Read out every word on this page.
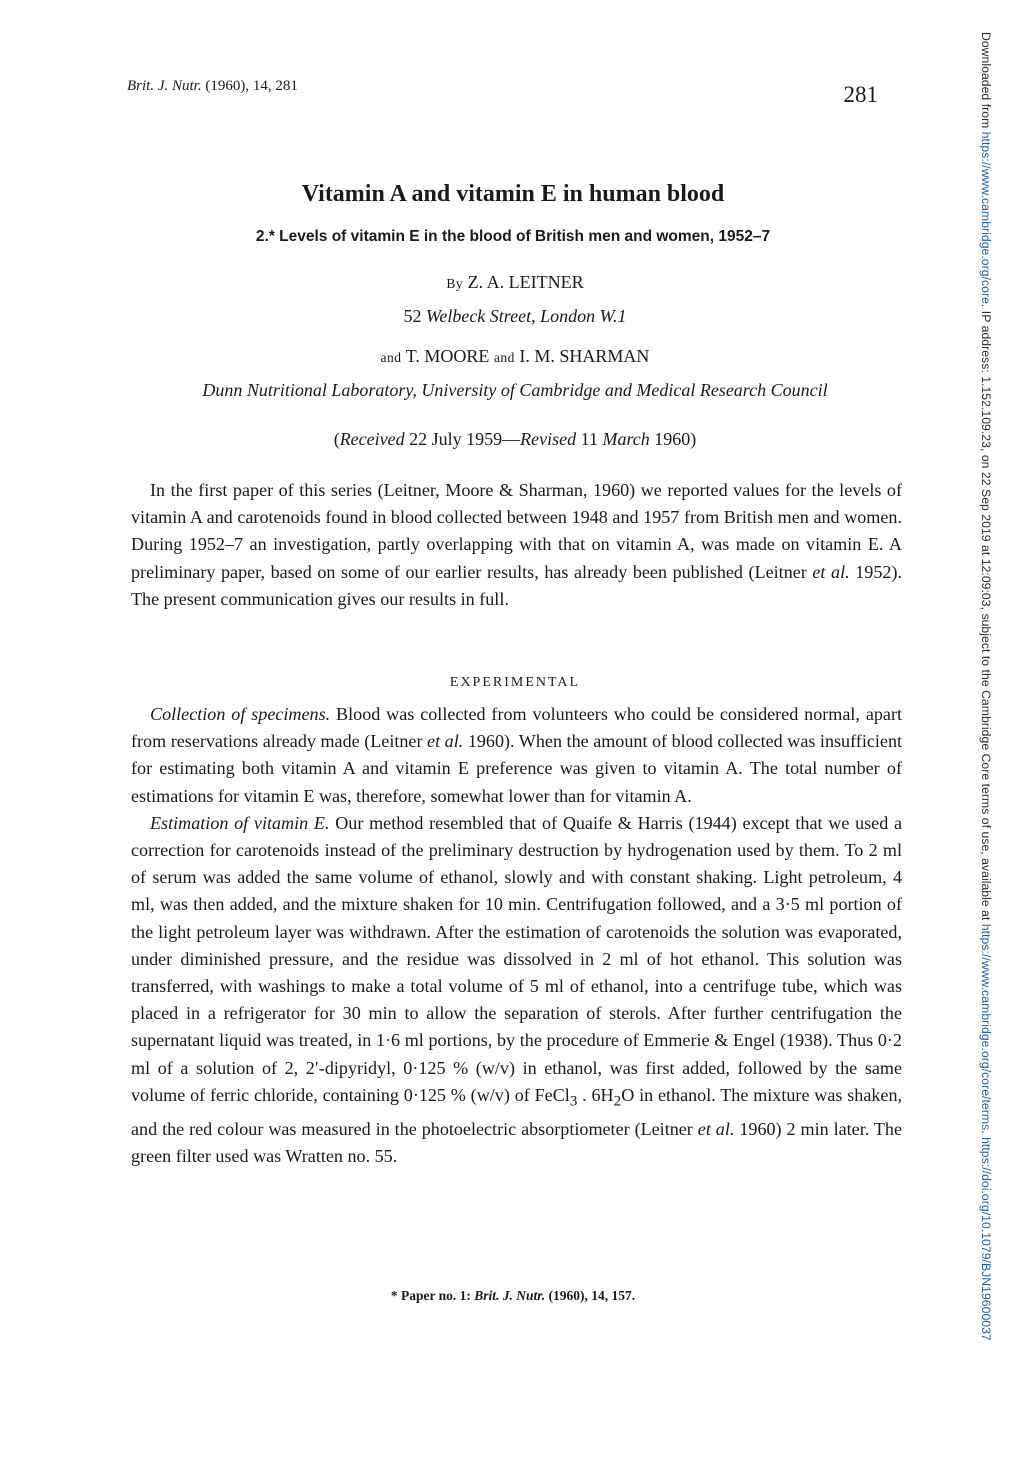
Brit. J. Nutr. (1960), 14, 281	281	Downloaded from https://www.cambridge.org/core. IP address: 1.152.109.23, on 22 Sep 2019 at 12:09:03, subject to the Cambridge Core terms of use, available at https://www.cambridge.org/core/terms. https://doi.org/10.1079/BJN19600037
Vitamin A and vitamin E in human blood
2.* Levels of vitamin E in the blood of British men and women, 1952–7
By Z. A. LEITNER
52 Welbeck Street, London W.1
and T. MOORE and I. M. SHARMAN
Dunn Nutritional Laboratory, University of Cambridge and Medical Research Council
(Received 22 July 1959—Revised 11 March 1960)

In the first paper of this series (Leitner, Moore & Sharman, 1960) we reported values for the levels of vitamin A and carotenoids found in blood collected between 1948 and 1957 from British men and women. During 1952–7 an investigation, partly overlapping with that on vitamin A, was made on vitamin E. A preliminary paper, based on some of our earlier results, has already been published (Leitner et al. 1952). The present communication gives our results in full.

EXPERIMENTAL

Collection of specimens. Blood was collected from volunteers who could be considered normal, apart from reservations already made (Leitner et al. 1960). When the amount of blood collected was insufficient for estimating both vitamin A and vitamin E preference was given to vitamin A. The total number of estimations for vitamin E was, therefore, somewhat lower than for vitamin A.

Estimation of vitamin E. Our method resembled that of Quaife & Harris (1944) except that we used a correction for carotenoids instead of the preliminary destruction by hydrogenation used by them. To 2 ml of serum was added the same volume of ethanol, slowly and with constant shaking. Light petroleum, 4 ml, was then added, and the mixture shaken for 10 min. Centrifugation followed, and a 3·5 ml portion of the light petroleum layer was withdrawn. After the estimation of carotenoids the solution was evaporated, under diminished pressure, and the residue was dissolved in 2 ml of hot ethanol. This solution was transferred, with washings to make a total volume of 5 ml of ethanol, into a centrifuge tube, which was placed in a refrigerator for 30 min to allow the separation of sterols. After further centrifugation the supernatant liquid was treated, in 1·6 ml portions, by the procedure of Emmerie & Engel (1938). Thus 0·2 ml of a solution of 2, 2′-dipyridyl, 0·125 % (w/v) in ethanol, was first added, followed by the same volume of ferric chloride, containing 0·125 % (w/v) of FeCl$_3$ . $6H_2O$ in ethanol. The mixture was shaken, and the red colour was measured in the photoelectric absorptiometer (Leitner et al. 1960) 2 min later. The green filter used was Wratten no. 55.

* Paper no. 1: Brit. J. Nutr. (1960), 14, 157.
